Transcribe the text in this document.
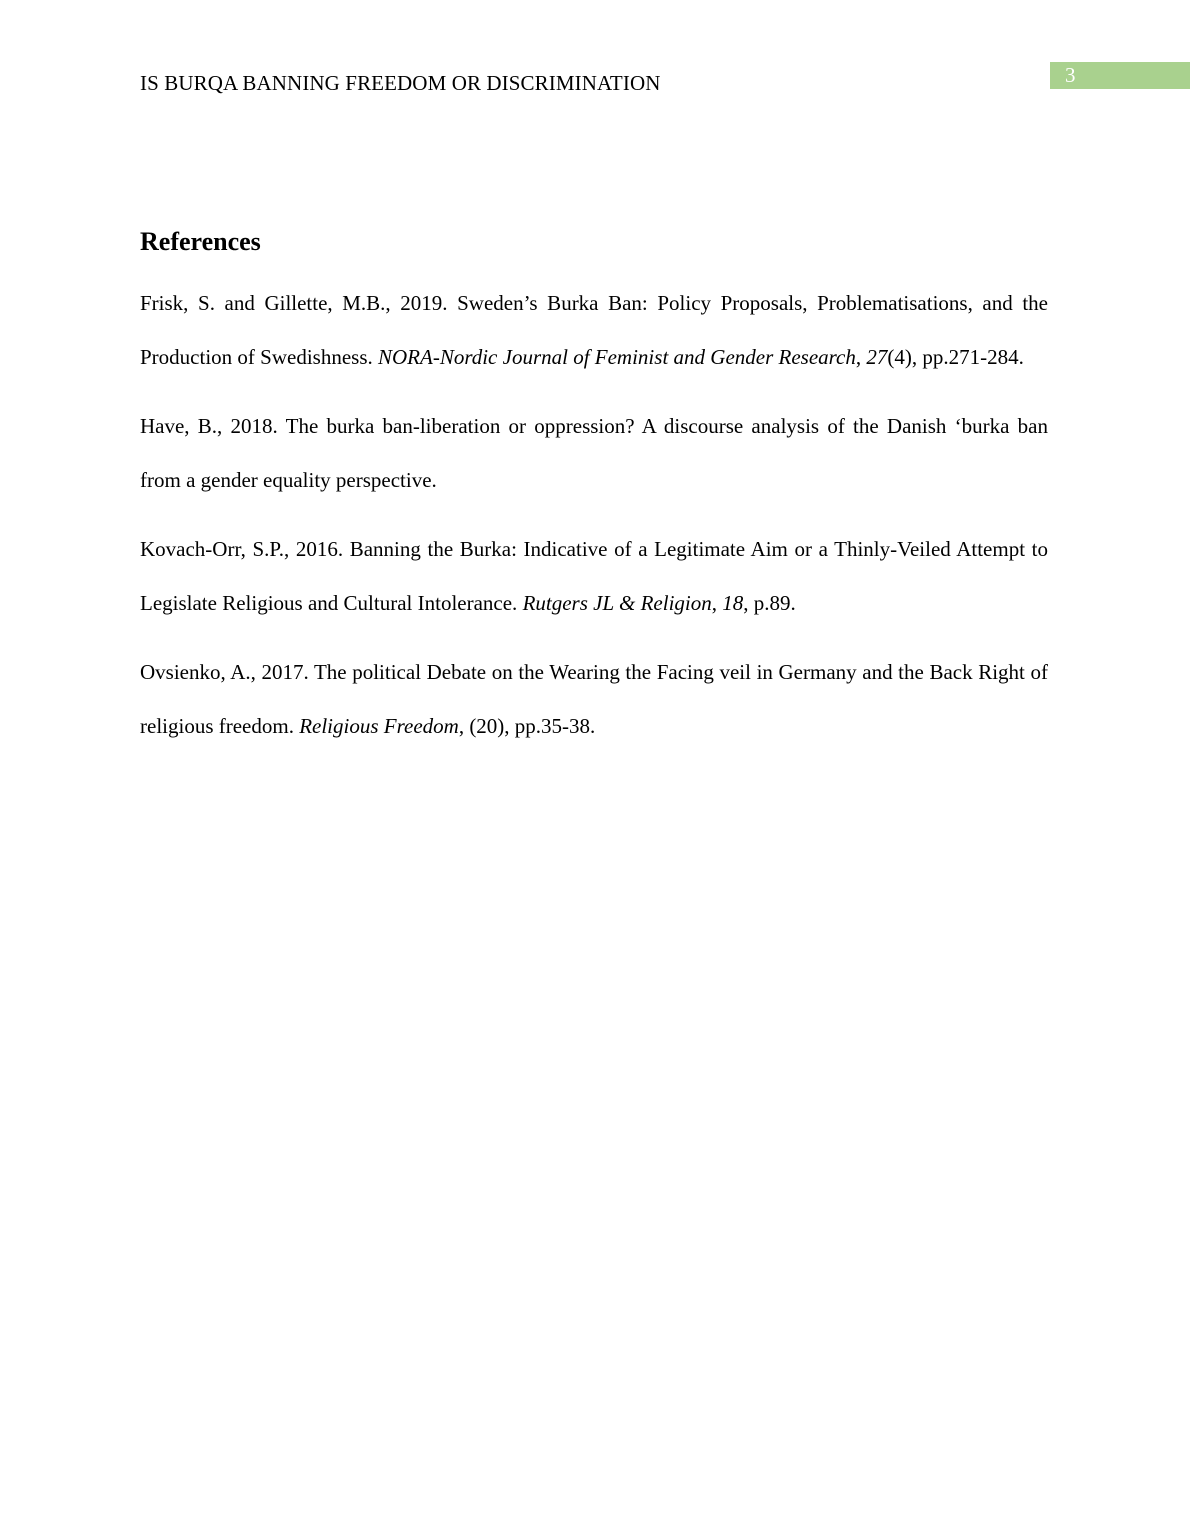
IS BURQA BANNING FREEDOM OR DISCRIMINATION	3
References

Frisk, S. and Gillette, M.B., 2019. Sweden’s Burka Ban: Policy Proposals, Problematisations, and the Production of Swedishness. NORA-Nordic Journal of Feminist and Gender Research, 27(4), pp.271-284.

Have, B., 2018. The burka ban-liberation or oppression? A discourse analysis of the Danish ‘burka ban from a gender equality perspective.

Kovach-Orr, S.P., 2016. Banning the Burka: Indicative of a Legitimate Aim or a Thinly-Veiled Attempt to Legislate Religious and Cultural Intolerance. Rutgers JL & Religion, 18, p.89.

Ovsienko, A., 2017. The political Debate on the Wearing the Facing veil in Germany and the Back Right of religious freedom. Religious Freedom, (20), pp.35-38.
